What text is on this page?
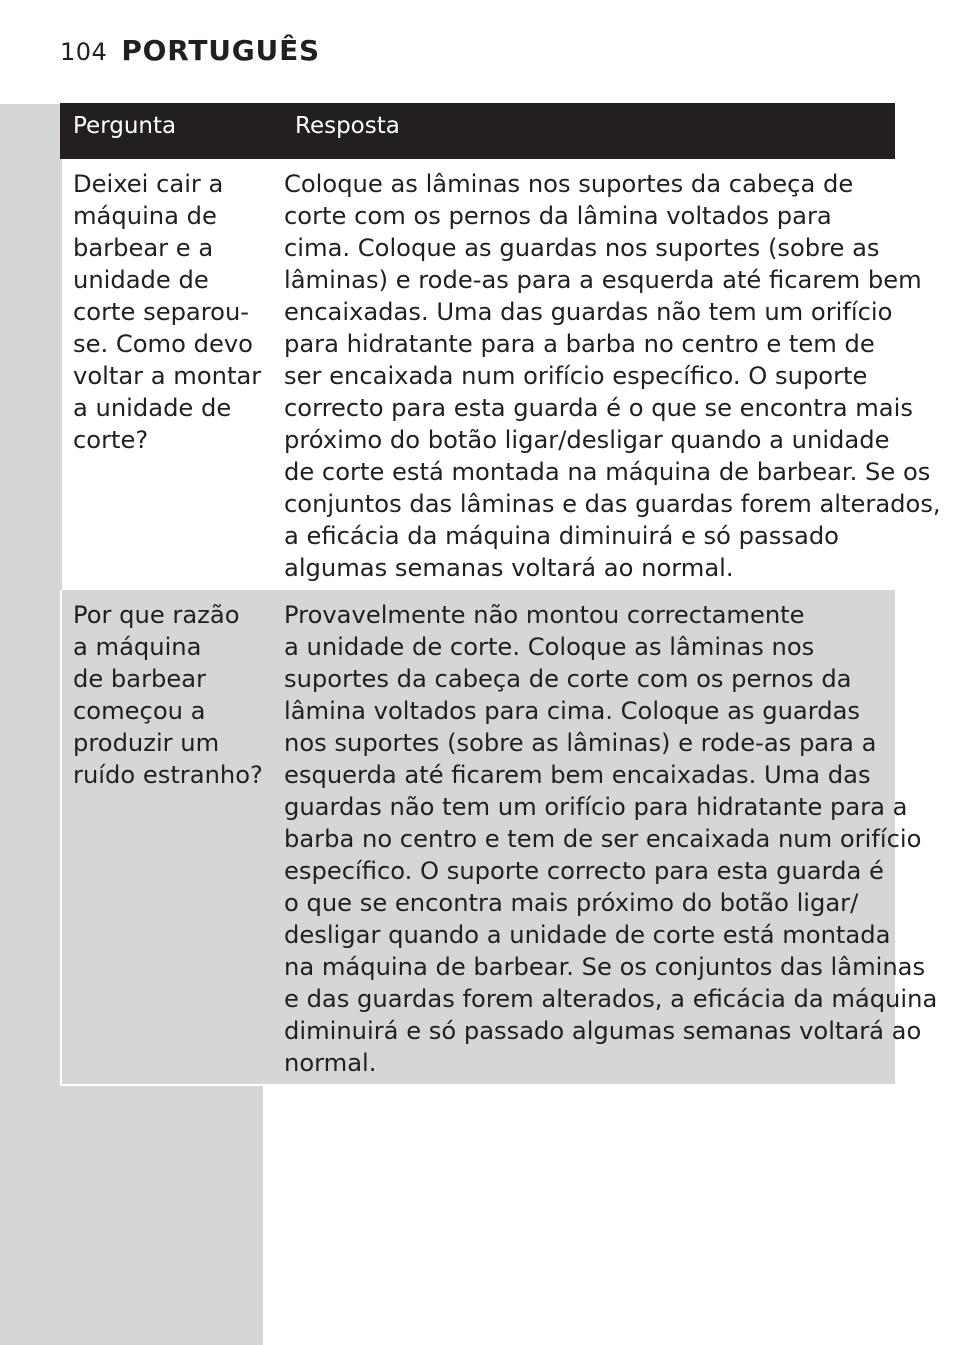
104 PORTUGUÊS
Pergunta	Resposta
Deixei cair a
máquina de
barbear e a
unidade de
corte separou-
se. Como devo
voltar a montar
a unidade de
corte?
Coloque as lâminas nos suportes da cabeça de
corte com os pernos da lâmina voltados para
cima. Coloque as guardas nos suportes (sobre as
lâminas) e rode-as para a esquerda até ficarem bem
encaixadas. Uma das guardas não tem um orifício
para hidratante para a barba no centro e tem de
ser encaixada num orifício específico. O suporte
correcto para esta guarda é o que se encontra mais
próximo do botão ligar/desligar quando a unidade
de corte está montada na máquina de barbear. Se os
conjuntos das lâminas e das guardas forem alterados,
a eficácia da máquina diminuirá e só passado
algumas semanas voltará ao normal.
Por que razão
a máquina
de barbear
começou a
produzir um
ruído estranho?
Provavelmente não montou correctamente
a unidade de corte. Coloque as lâminas nos
suportes da cabeça de corte com os pernos da
lâmina voltados para cima. Coloque as guardas
nos suportes (sobre as lâminas) e rode-as para a
esquerda até ficarem bem encaixadas. Uma das
guardas não tem um orifício para hidratante para a
barba no centro e tem de ser encaixada num orifício
específico. O suporte correcto para esta guarda é
o que se encontra mais próximo do botão ligar/
desligar quando a unidade de corte está montada
na máquina de barbear. Se os conjuntos das lâminas
e das guardas forem alterados, a eficácia da máquina
diminuirá e só passado algumas semanas voltará ao
normal.
